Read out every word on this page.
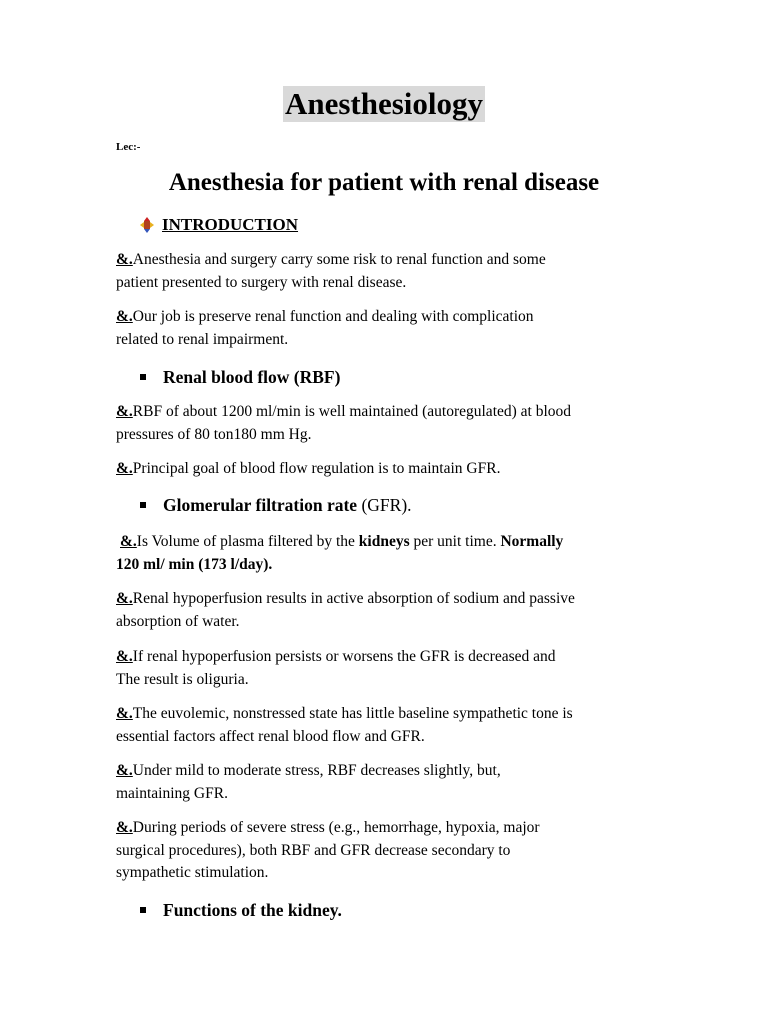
Anesthesiology
Lec:-
Anesthesia for patient with renal disease
INTRODUCTION
&.Anesthesia and surgery carry some risk to renal function and some
patient presented to surgery with renal disease.
&.Our job is preserve renal function and dealing with complication
related to renal impairment.
Renal blood flow (RBF)
&.RBF of about 1200 ml/min is well maintained (autoregulated) at blood
pressures of 80 ton180 mm Hg.
&.Principal goal of blood flow regulation is to maintain GFR.
Glomerular filtration rate (GFR).
&.Is Volume of plasma filtered by the kidneys per unit time. Normally
120 ml/ min (173 l/day).
&.Renal hypoperfusion results in active absorption of sodium and passive
absorption of water.
&.If renal hypoperfusion persists or worsens the GFR is decreased and
The result is oliguria.
&.The euvolemic, nonstressed state has little baseline sympathetic tone is
essential factors affect renal blood flow and GFR.
&.Under mild to moderate stress, RBF decreases slightly, but,
maintaining GFR.
&.During periods of severe stress (e.g., hemorrhage, hypoxia, major
surgical procedures), both RBF and GFR decrease secondary to
sympathetic stimulation.
Functions of the kidney.
